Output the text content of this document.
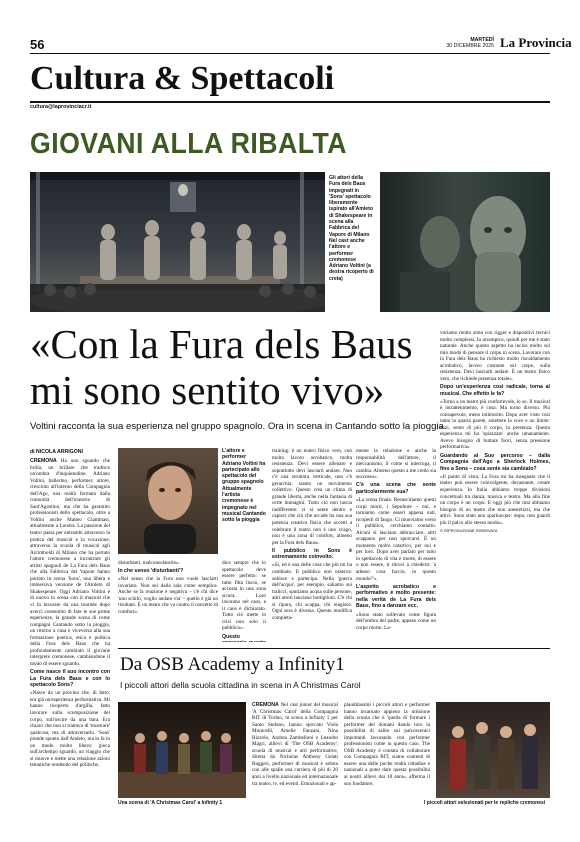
56	MARTEDÌ
30 DICEMBRE 2025 La Provincia
Cultura & Spettacoli
cultura@laprovinciacr.it
GIOVANI ALLA RIBALTA
Gli attori della Fura dels Baus impegnati in 'Sons' spettacolo liberamente ispirato all'Amleto di Shakespeare in scena alla Fabbrica del Vapore di Milano Nel cast anche l'attore e performer cremonese Adriano Voltini (a destra ricoperto di creta)
«Con la Fura dels Baus
mi sono sentito vivo»
Voltini racconta la sua esperienza nel gruppo spagnolo. Ora in scena in Cantando sotto la pioggia

voriamo molto simo con rigger e dispositivi tecnici molto complessi. Io arrampico, quindi per me è stato naturale. Anche questo aspetto ha inciso molto sul mio modo di pensare il corpo in scena. Lavorare con la Fura dels Baus ha richiesto molto riscaldamento acrobatico, lavoro costante sul corpo, sulla resistenza. Devi lasciarti andare. È un teatro fisico vero, che richiede presenza totale».

Dopo un'esperienza così radicale, torna al musical. Che effetto le fa?

«Torno a un teatro più confortevole, lo so. Il musical è intrattenimento, è cosa. Ma torno diverso. Più consapevole, meno intimorito. Dopo aver visto così tanto la quarta parete, smettere la voce e un limite: anzi, sento di più il corpo, la presenza. Questa esperienza mi ha 'spiazzato' anche umanamente. Avevo bisogno di buttare fuori, senza pressione performativa».

Guardando al Suo percorso – dalla Compagnia dell'Ago a Sherlock Holmes, fino a Sons – cosa sente sia cambiato?

«Il punto di vista. La Fura mi ha insegnato che il teatro può essere coinvolgente, devastante, creare esperienza. In Italia abbiamo troppe divisioni concettuali tra danza, musica e teatro. Ma alla fine un corpo è un corpo. E oggi più che mai abbiamo bisogno di un teatro che non anestetizzi, ma che attivi. Sono stato uno spartiacque: dopo, non guardi più il palco allo stesso modo».

© RIPRODUZIONE RISERVATA

di NICOLA ARRIGONI

CREMONA Ha uno sguardo che brilla, un brillare che tradisce un'ombra d'inquietudine. Adriano Voltini, ballerino, performer, attore, cresciuto all'interno della Compagnia dell'Ago, una realtà formata dalla comunità dell'oratorio di Sant'Agostino, ma che ha garantito professionisti dello spettacolo, oltre a Voltini anche Matteo Giambiasi, attualmente a Londra. La passione del teatro passa per entrambi attraverso la pratica del musical e la vocazione, attraverso la scuola di musical agli Arcimboldi di Milano che ha portato l'attore cremonese a incontrare gli artisti spagnoli de La Fura dels Baus che alla Fabbrica del Vapore hanno portato in scena 'Sons', una libera e immersiva versione de l'Amleto di Shakespeare. Oggi Adriano Voltini è di nuovo in scena con il musical che vi fa lavorare da una tournée dopo averci consentito di fare le sue prime esperienze, la grande scena di come compagni Cantando sotto la pioggia, un ritorno a casa e viceversa alla sua formazione poetica, etica e politica della Fura dels Baus che ha profondamente cambiato il giovane interprete cremonese, cambiandone il modo di essere sguardo.

Come nasce il suo incontro con La Fura dels Baus e con lo spettacolo Sons?

«Nasce da un provino che, di fatto, era già un'esperienza performativa. Mi hanno ricoperto d'argilla, fatto lavorare sulla scomposizione del corpo, sull'uscire da una bara. Era chiaro che non si trattava di 'mostrare' qualcosa, ma di attraversarlo. 'Sons' prende spunto dall'Amleto, ma lo fa in un modo molto libero: gioca sull'archetipo sguardo, un viaggio che si muove e mette una relazione azioni tematiche rendendo del politiche,

L'attore e performer Adriano Voltini ha partecipato allo spettacolo del gruppo spagnolo Attualmente l'artista cremonese è impegnato nel musical Cantando sotto la pioggia

disturbanti, malconsolatorie».

In che senso 'disturbanti'?

«Nel senso che la Fura non vuole lasciarti invariato. Non sei dalla sala come semplice. Anche se la reazione è negativa – c'è chi dice 'uno schifo, voglio andare via' – quello è già un risultato. È un teatro che va contro il concetto di comfort».

dice sempre che lo spettacolo deve essere perfetto: se tutto filta liscio, se accosta in una zona sicura. Loro lavorano nel caos, e il caos è dichiarato. Tutto ciò mette in crisi non solo il pubblico».

Questo

training: è un teatro fisico vero, con molto lavoro acrobatico, molta resistenza. Devi essere allenato e soprattutto devi lasciarti andare. Non c'è una struttura verticale, non c'è gerarchia: siamo un movimento collettivo. Questo crea un clima di grande libertà, anche nella fantasia di certe immagini. Tutto ciò non lascia indifferente: ci si sente dentro e capisci che ciò che accade ha una sua potenza creativa fisica che accetti a celebrare il teatro non è uno svago, non è una zona di comfort, almeno per la Fura dels Baus».

Il pubblico in Sons è estremamente coinvolto.

«Sì, ed è una delle cose che più mi ha cambiato. Il pubblico non osserva: subisce e partecipa. Nella 'guerra dell'acqua', per esempio, saliamo sui tralicci, sputiamo acqua sulle persone, altri attori lanciano bottiglioni. C'è chi si ripara, chi scappa, chi reagisce. Ogni sera è diversa. Questo modifica completa-

mente la relazione e anche la responsabilità dell'attore, il meccanismo, il come si interroga, ti cambia. Almeno questo a me credo sia successo».

C'è una scena che sente particolarmente sua?

«La scena finale. Resuscitiamo questi corpi morti, i Sepulture – noi, e torniamo come esseri appena nati, ricoperti di fango. Ci muoviamo verso il pubblico, cerchiamo contatto. Alcuni si lasciano abbracciare, altri scappano per non sporcarsi. È un momento molto catartico, per noi e per loro. Dopo aver parlato per tutto lo spettacolo di vita e morte, di essere o non essere, ti ritrovi a chiederti: 'a adesso cosa faccio, in questo mondo?'».

L'aspetto acrobatico e performativo è molto presente: nella verità de La Fura dels Baus, fino a danzare ecc.

«Sono stato sollevato come figura dell'ombra del padre, appeso come un corpo morto. La-

Da OSB Academy a Infinity1
I piccoli attori della scuola cittadina in scena in A Christmas Carol
Una scena di 'A Christmas Carol' a Infinity 1

CREMONA Nel cast junior del musical 'A Christmas Carol' della Compagnia BIT di Torino, in scena a Infinity 1 per Santo Stefano, hanno spiccato Viola Monicelli, Amelie Fanzani, Nina Rizzolo, Andrea Zambelloni e Leandro Magri, allievi di 'The OSB Academy', scuola di musical e arti performative, diretta da Nicholas Anthony Gelati Ruggeri, performer di musical e artista con alle spalle una carriera di più di 20 anni a livello nazionale ed internazionale tra teatro, tv, ed eventi. Emozionati e ap-

plauditissimi i piccoli attori e performer hanno incarnato appieno la missione della scuola che è 'quella di formare i performer del domani dando loro la possibilità di salire sui palcoscenici importanti lavorando con performer professionisti come in questo caso. The OSB Academy è contata di collaborare con Compagnia BIT, siamo contenti di essere una delle poche realtà cittadine e nazionali a poter dare questa possibilità ai nostri allievi dai 10 anni», afferma il suo fondatore.

I piccoli attori selezionati per le repliche cremonesi
